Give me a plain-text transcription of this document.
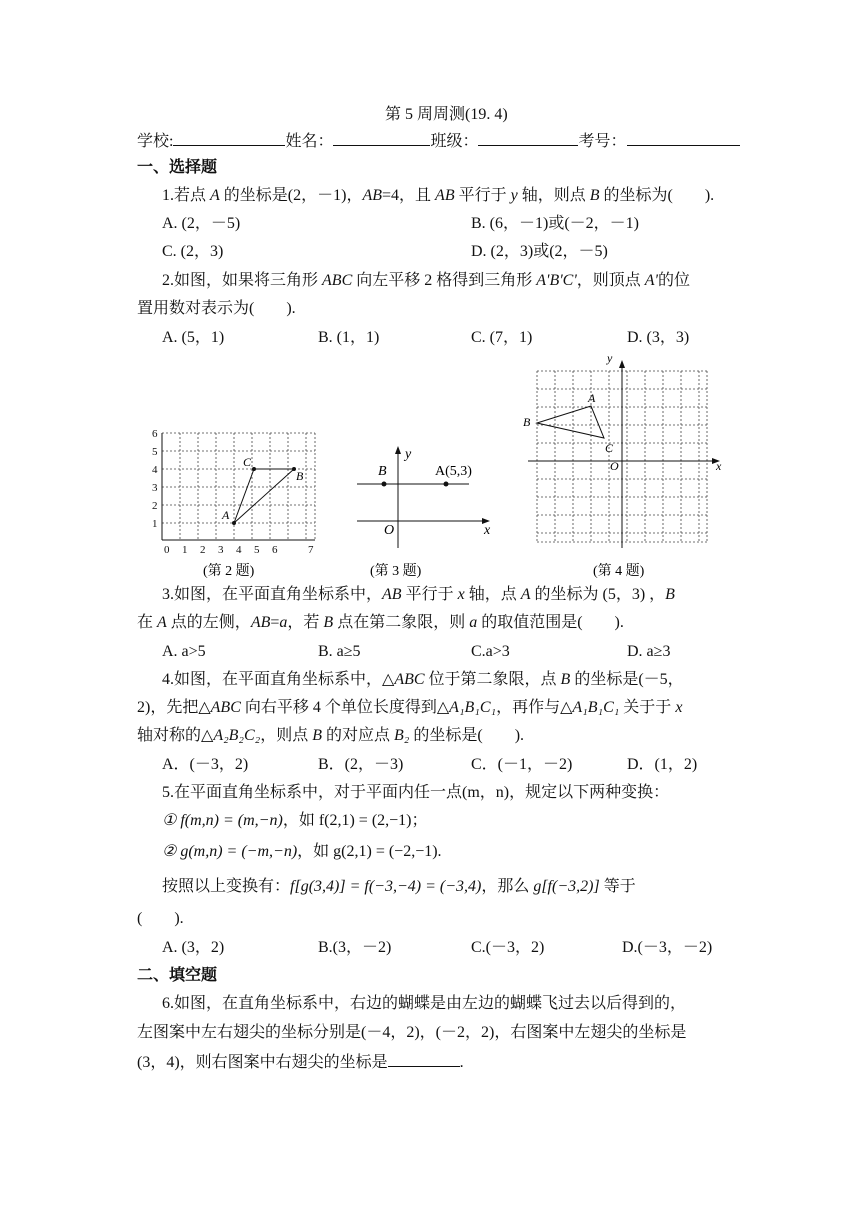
第 5 周周测(19. 4)
学校:	姓名：	班级：	考号：
一、选择题
1.若点 A 的坐标是(2，－1)，AB=4，且 AB 平行于 y 轴，则点 B 的坐标为(　　).
A. (2，－5)	B. (6，－1)或(－2，－1)
C. (2，3)	D. (2，3)或(2，－5)
2.如图，如果将三角形 ABC 向左平移 2 格得到三角形 A'B'C'，则顶点 A'的位
置用数对表示为(　　).
A. (5，1)	B. (1，1)	C. (7，1)	D. (3，3)
0 1 2 3 4 5 6	7
1
2
3
4
5
6
A
C
B
(第 2 题)
B	A(5,3)
O	x
y
(第 3 题)
B
A
C
O	x
y
(第 4 题)
3.如图，在平面直角坐标系中，AB 平行于 x 轴，点 A 的坐标为 (5，3) ，B
在 A 点的左侧，AB=a，若 B 点在第二象限，则 a 的取值范围是(　　).
A. a>5	B. a≥5	C.a>3	D. a≥3
4.如图，在平面直角坐标系中，△ABC 位于第二象限，点 B 的坐标是(－5，
2)，先把△ABC 向右平移 4 个单位长度得到△A₁B₁C₁，再作与△A₁B₁C₁ 关于于 x
轴对称的△A₂B₂C₂，则点 B 的对应点 B₂ 的坐标是(　　).
A．(－3，2)	B．(2，－3)	C．(－1，－2)	D．(1，2)
5.在平面直角坐标系中，对于平面内任一点(m，n)，规定以下两种变换：
① f(m,n) = (m,−n)，如 f(2,1) = (2,−1)；
② g(m,n) = (−m,−n)，如 g(2,1) = (−2,−1).
按照以上变换有：f[g(3,4)] = f(−3,−4) = (−3,4)，那么 g[f(−3,2)] 等于
(　　).
A. (3，2)	B.(3，－2)	C.(－3，2)	D.(－3，－2)
二、填空题
6.如图，在直角坐标系中，右边的蝴蝶是由左边的蝴蝶飞过去以后得到的，
左图案中左右翅尖的坐标分别是(－4，2)，(－2，2)，右图案中左翅尖的坐标是
(3，4)，则右图案中右翅尖的坐标是	.
